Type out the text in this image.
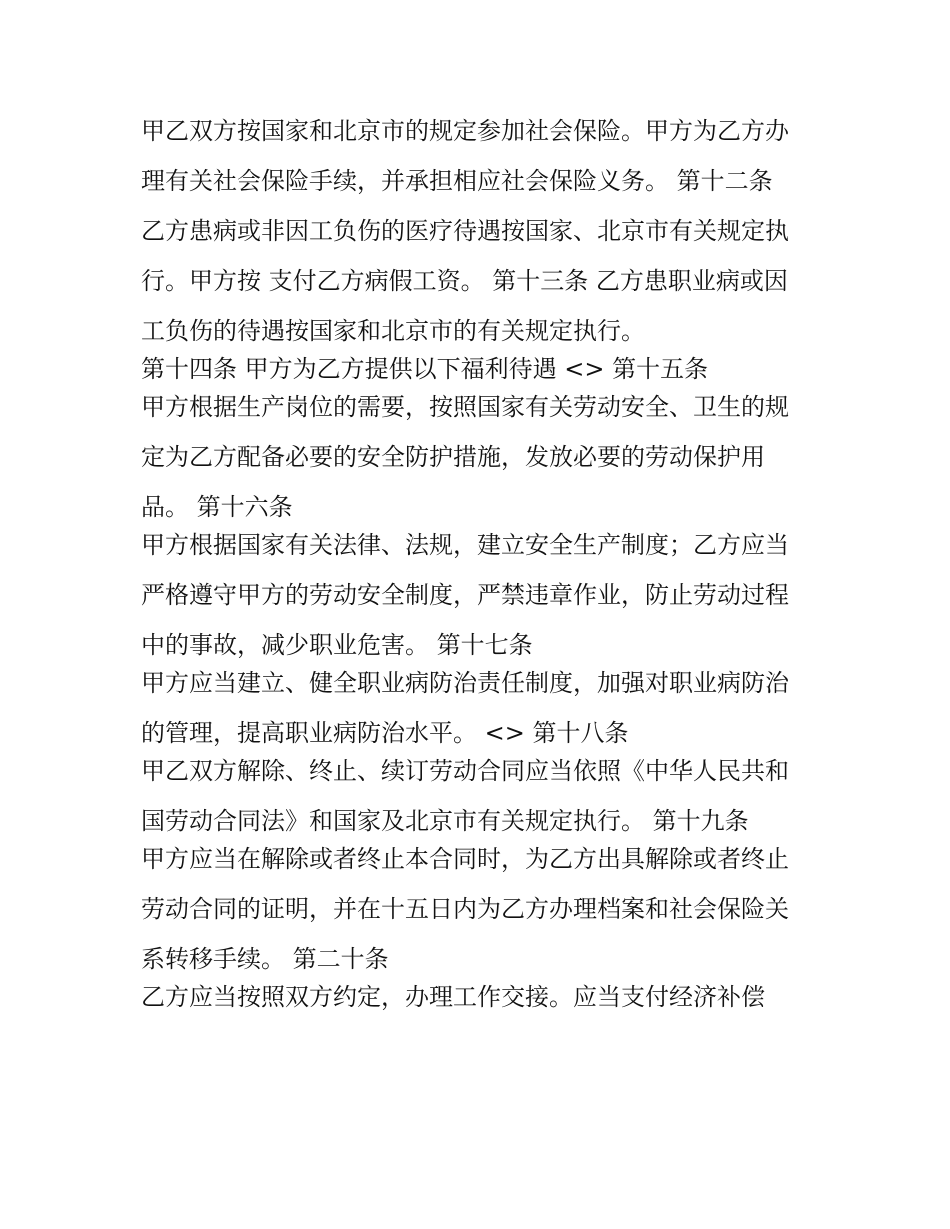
甲乙双方按国家和北京市的规定参加社会保险。甲方为乙方办
理有关社会保险手续，并承担相应社会保险义务。 第十二条
乙方患病或非因工负伤的医疗待遇按国家、北京市有关规定执
行。甲方按 支付乙方病假工资。 第十三条 乙方患职业病或因
工负伤的待遇按国家和北京市的有关规定执行。
第十四条 甲方为乙方提供以下福利待遇 <> 第十五条
甲方根据生产岗位的需要，按照国家有关劳动安全、卫生的规
定为乙方配备必要的安全防护措施，发放必要的劳动保护用
品。 第十六条
甲方根据国家有关法律、法规，建立安全生产制度；乙方应当
严格遵守甲方的劳动安全制度，严禁违章作业，防止劳动过程
中的事故，减少职业危害。 第十七条
甲方应当建立、健全职业病防治责任制度，加强对职业病防治
的管理，提高职业病防治水平。 <> 第十八条
甲乙双方解除、终止、续订劳动合同应当依照《中华人民共和
国劳动合同法》和国家及北京市有关规定执行。 第十九条
甲方应当在解除或者终止本合同时，为乙方出具解除或者终止
劳动合同的证明，并在十五日内为乙方办理档案和社会保险关
系转移手续。 第二十条
乙方应当按照双方约定，办理工作交接。应当支付经济补偿
